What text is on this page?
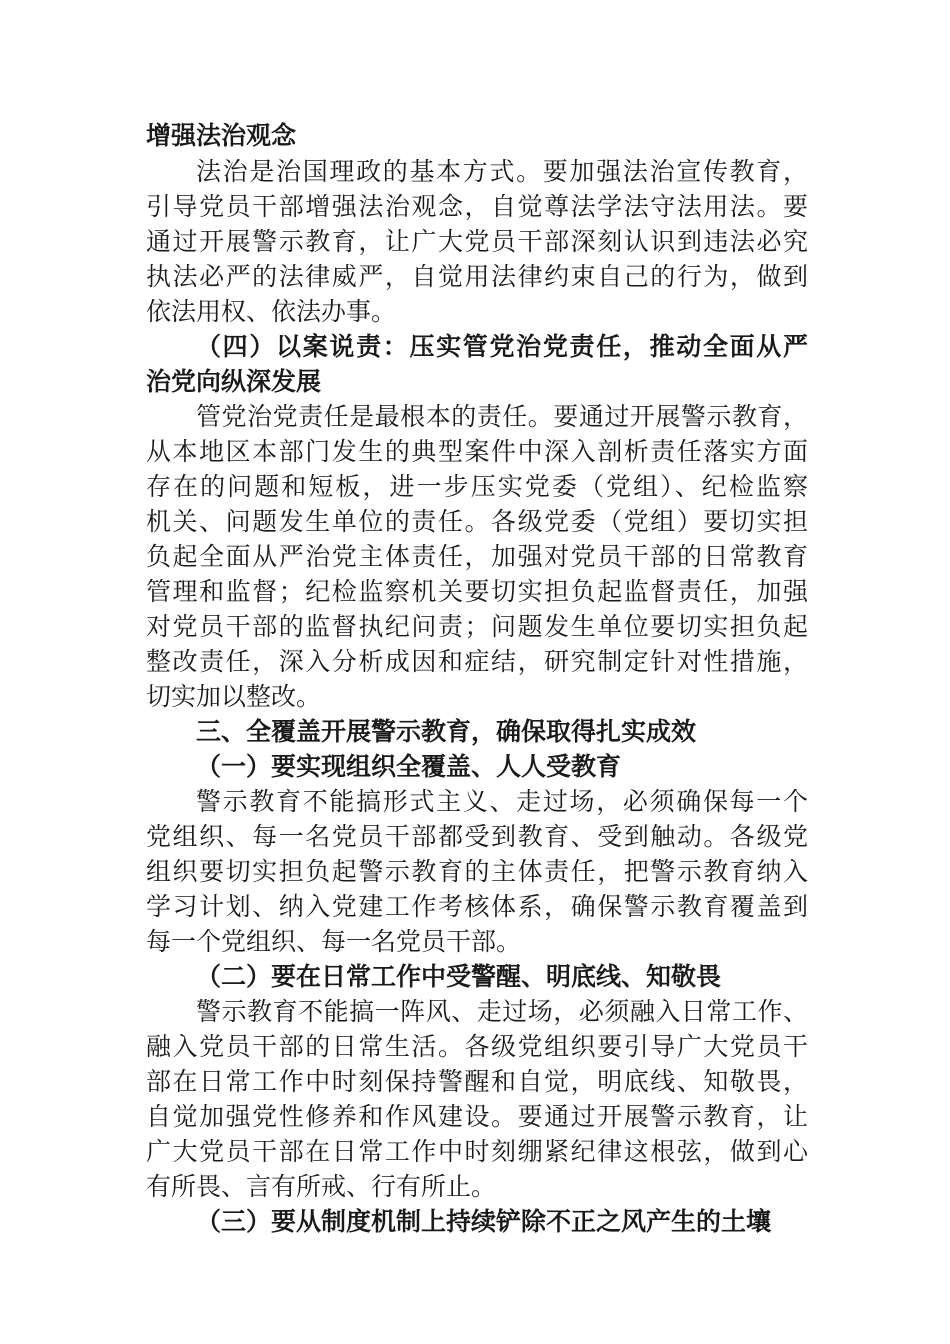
增强法治观念
法治是治国理政的基本方式。要加强法治宣传教育，
引导党员干部增强法治观念，自觉尊法学法守法用法。要
通过开展警示教育，让广大党员干部深刻认识到违法必究
执法必严的法律威严，自觉用法律约束自己的行为，做到
依法用权、依法办事。
（四）以案说责：压实管党治党责任，推动全面从严
治党向纵深发展
管党治党责任是最根本的责任。要通过开展警示教育，
从本地区本部门发生的典型案件中深入剖析责任落实方面
存在的问题和短板，进一步压实党委（党组）、纪检监察
机关、问题发生单位的责任。各级党委（党组）要切实担
负起全面从严治党主体责任，加强对党员干部的日常教育
管理和监督；纪检监察机关要切实担负起监督责任，加强
对党员干部的监督执纪问责；问题发生单位要切实担负起
整改责任，深入分析成因和症结，研究制定针对性措施，
切实加以整改。
三、全覆盖开展警示教育，确保取得扎实成效
（一）要实现组织全覆盖、人人受教育
警示教育不能搞形式主义、走过场，必须确保每一个
党组织、每一名党员干部都受到教育、受到触动。各级党
组织要切实担负起警示教育的主体责任，把警示教育纳入
学习计划、纳入党建工作考核体系，确保警示教育覆盖到
每一个党组织、每一名党员干部。
（二）要在日常工作中受警醒、明底线、知敬畏
警示教育不能搞一阵风、走过场，必须融入日常工作、
融入党员干部的日常生活。各级党组织要引导广大党员干
部在日常工作中时刻保持警醒和自觉，明底线、知敬畏，
自觉加强党性修养和作风建设。要通过开展警示教育，让
广大党员干部在日常工作中时刻绷紧纪律这根弦，做到心
有所畏、言有所戒、行有所止。
（三）要从制度机制上持续铲除不正之风产生的土壤
